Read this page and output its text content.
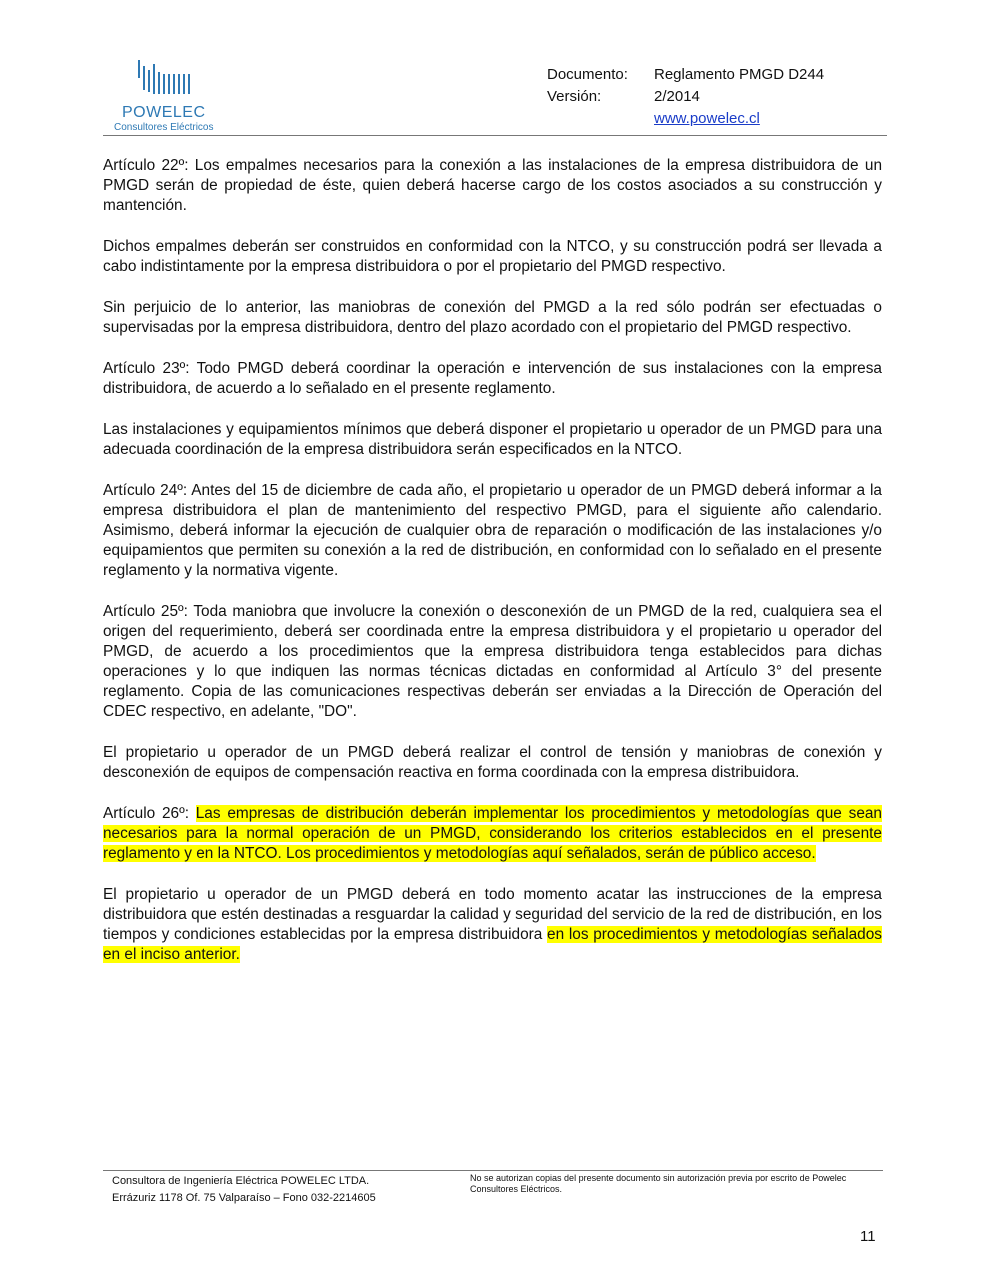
POWELEC
Consultores Eléctricos
Documento:	Reglamento PMGD D244
Versión:	2/2014
www.powelec.cl

Artículo 22º: Los empalmes necesarios para la conexión a las instalaciones de la empresa distribuidora de un PMGD serán de propiedad de éste, quien deberá hacerse cargo de los costos asociados a su construcción y mantención.

Dichos empalmes deberán ser construidos en conformidad con la NTCO, y su construcción podrá ser llevada a cabo indistintamente por la empresa distribuidora o por el propietario del PMGD respectivo.

Sin perjuicio de lo anterior, las maniobras de conexión del PMGD a la red sólo podrán ser efectuadas o supervisadas por la empresa distribuidora, dentro del plazo acordado con el propietario del PMGD respectivo.

Artículo 23º: Todo PMGD deberá coordinar la operación e intervención de sus instalaciones con la empresa distribuidora, de acuerdo a lo señalado en el presente reglamento.

Las instalaciones y equipamientos mínimos que deberá disponer el propietario u operador de un PMGD para una adecuada coordinación de la empresa distribuidora serán especificados en la NTCO.

Artículo 24º: Antes del 15 de diciembre de cada año, el propietario u operador de un PMGD deberá informar a la empresa distribuidora el plan de mantenimiento del respectivo PMGD, para el siguiente año calendario. Asimismo, deberá informar la ejecución de cualquier obra de reparación o modificación de las instalaciones y/o equipamientos que permiten su conexión a la red de distribución, en conformidad con lo señalado en el presente reglamento y la normativa vigente.

Artículo 25º: Toda maniobra que involucre la conexión o desconexión de un PMGD de la red, cualquiera sea el origen del requerimiento, deberá ser coordinada entre la empresa distribuidora y el propietario u operador del PMGD, de acuerdo a los procedimientos que la empresa distribuidora tenga establecidos para dichas operaciones y lo que indiquen las normas técnicas dictadas en conformidad al Artículo 3° del presente reglamento. Copia de las comunicaciones respectivas deberán ser enviadas a la Dirección de Operación del CDEC respectivo, en adelante, "DO".

El propietario u operador de un PMGD deberá realizar el control de tensión y maniobras de conexión y desconexión de equipos de compensación reactiva en forma coordinada con la empresa distribuidora.

Artículo 26º: Las empresas de distribución deberán implementar los procedimientos y metodologías que sean necesarios para la normal operación de un PMGD, considerando los criterios establecidos en el presente reglamento y en la NTCO. Los procedimientos y metodologías aquí señalados, serán de público acceso.

El propietario u operador de un PMGD deberá en todo momento acatar las instrucciones de la empresa distribuidora que estén destinadas a resguardar la calidad y seguridad del servicio de la red de distribución, en los tiempos y condiciones establecidas por la empresa distribuidora en los procedimientos y metodologías señalados en el inciso anterior.

Consultora de Ingeniería Eléctrica POWELEC LTDA.
Errázuriz 1178 Of. 75 Valparaíso – Fono 032-2214605
No se autorizan copias del presente documento sin autorización previa por escrito de Powelec Consultores Eléctricos.
11
